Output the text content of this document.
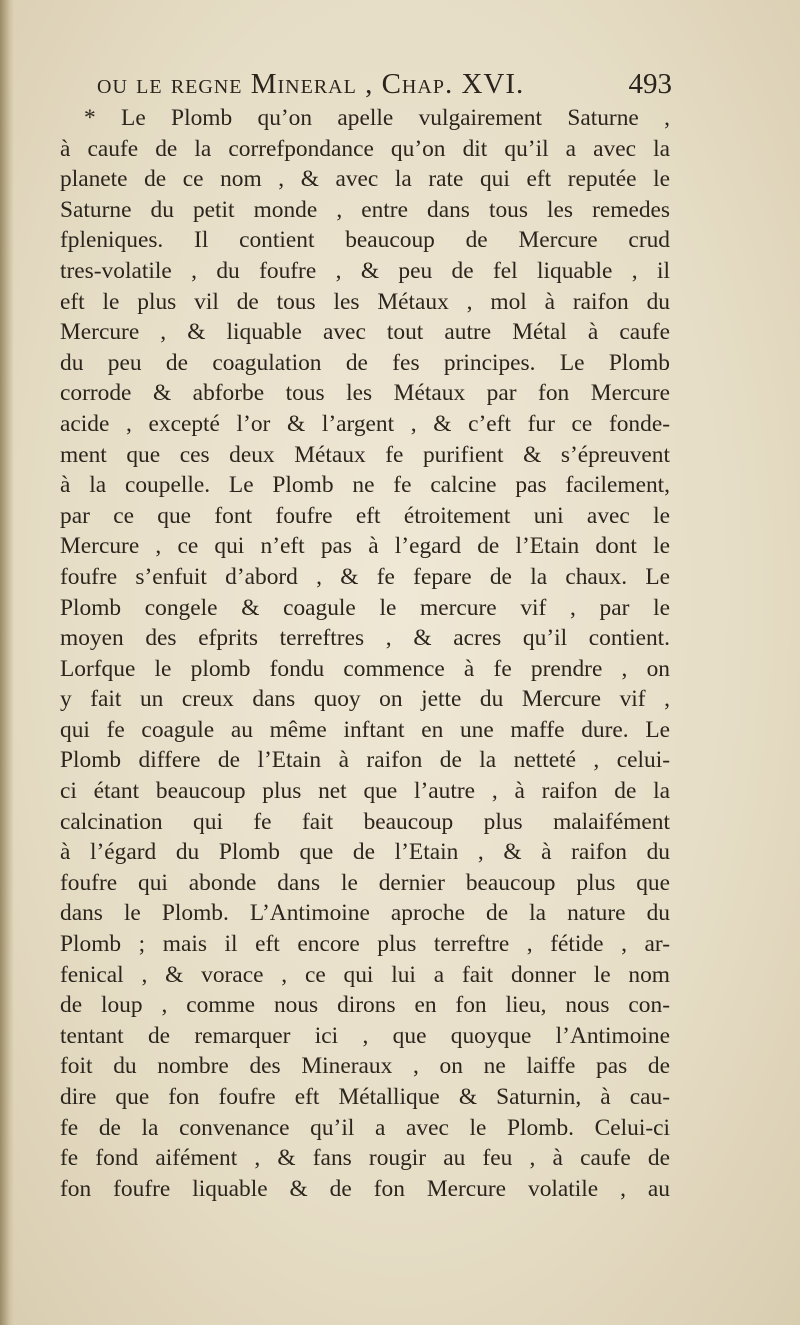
ou le regne Mineral , Chap. XVI.	493
* Le Plomb qu’on apelle vulgairement Saturne ,
à caufe de la correfpondance qu’on dit qu’il a avec la
planete de ce nom , & avec la rate qui eft reputée le
Saturne du petit monde , entre dans tous les remedes
fpleniques. Il contient beaucoup de Mercure crud
tres-volatile , du foufre , & peu de fel liquable , il
eft le plus vil de tous les Métaux , mol à raifon du
Mercure , & liquable avec tout autre Métal à caufe
du peu de coagulation de fes principes. Le Plomb
corrode & abforbe tous les Métaux par fon Mercure
acide , excepté l’or & l’argent , & c’eft fur ce fonde-
ment que ces deux Métaux fe purifient & s’épreuvent
à la coupelle. Le Plomb ne fe calcine pas facilement,
par ce que font foufre eft étroitement uni avec le
Mercure , ce qui n’eft pas à l’egard de l’Etain dont le
foufre s’enfuit d’abord , & fe fepare de la chaux. Le
Plomb congele & coagule le mercure vif , par le
moyen des efprits terreftres , & acres qu’il contient.
Lorfque le plomb fondu commence à fe prendre , on
y fait un creux dans quoy on jette du Mercure vif ,
qui fe coagule au même inftant en une maffe dure. Le
Plomb differe de l’Etain à raifon de la netteté , celui-
ci étant beaucoup plus net que l’autre , à raifon de la
calcination qui fe fait beaucoup plus malaifément
à l’égard du Plomb que de l’Etain , & à raifon du
foufre qui abonde dans le dernier beaucoup plus que
dans le Plomb. L’Antimoine aproche de la nature du
Plomb ; mais il eft encore plus terreftre , fétide , ar-
fenical , & vorace , ce qui lui a fait donner le nom
de loup , comme nous dirons en fon lieu, nous con-
tentant de remarquer ici , que quoyque l’Antimoine
foit du nombre des Mineraux , on ne laiffe pas de
dire que fon foufre eft Métallique & Saturnin, à cau-
fe de la convenance qu’il a avec le Plomb. Celui-ci
fe fond aifément , & fans rougir au feu , à caufe de
fon foufre liquable & de fon Mercure volatile , au
